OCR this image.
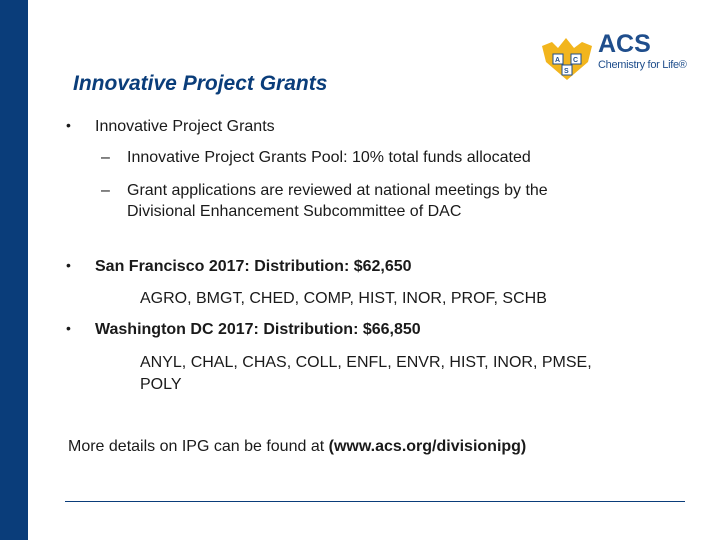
Innovative Project Grants
A C
S
ACS
Chemistry for Life®
• Innovative Project Grants
– Innovative Project Grants Pool: 10% total funds allocated
– Grant applications are reviewed at national meetings by the
Divisional Enhancement Subcommittee of DAC
• San Francisco 2017: Distribution: $62,650
AGRO, BMGT, CHED, COMP, HIST, INOR, PROF, SCHB
• Washington DC 2017: Distribution: $66,850
ANYL, CHAL, CHAS, COLL, ENFL, ENVR, HIST, INOR, PMSE,
POLY
More details on IPG can be found at (www.acs.org/divisionipg)
